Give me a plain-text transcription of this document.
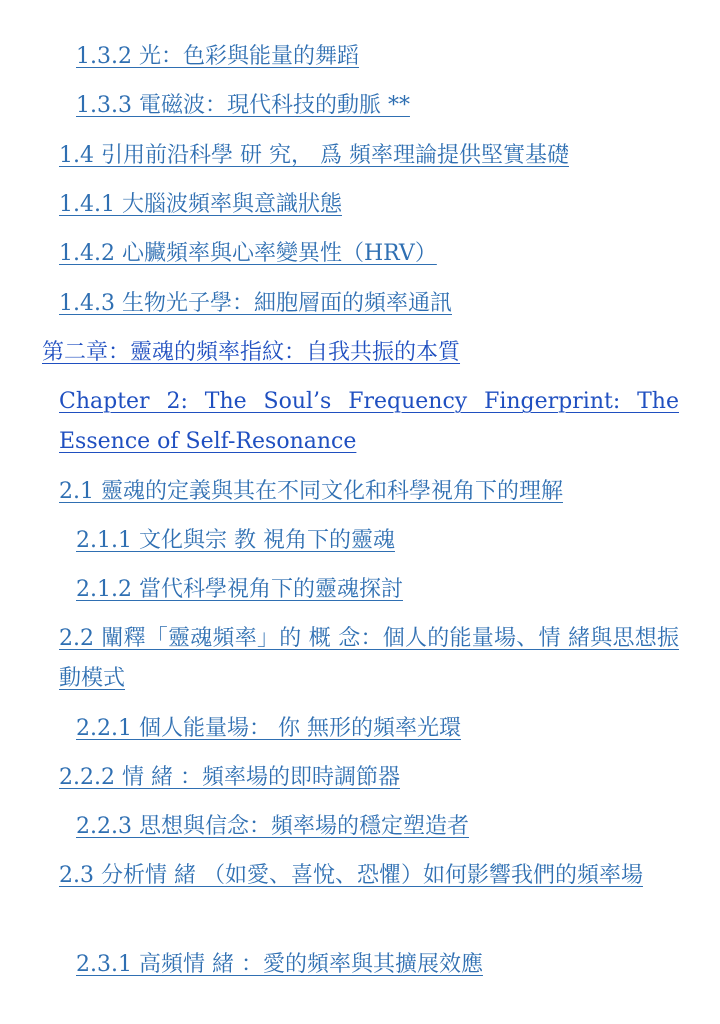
1.3.2 光：色彩與能量的舞蹈

1.3.3 電磁波：現代科技的動脈 **

1.4 引用前沿科學 研 究， 爲 頻率理論提供堅實基礎

1.4.1 大腦波頻率與意識狀態

1.4.2 心臟頻率與心率變異性（HRV）

1.4.3 生物光子學：細胞層面的頻率通訊

第二章：靈魂的頻率指紋：自我共振的本質

Chapter 2: The Soul’s Frequency Fingerprint: The Essence of Self-Resonance

2.1 靈魂的定義與其在不同文化和科學視角下的理解

2.1.1 文化與宗 教 視角下的靈魂

2.1.2 當代科學視角下的靈魂探討

2.2 闡釋「靈魂頻率」的 概 念：個人的能量場、情 緒與思想振動模式

2.2.1 個人能量場： 你 無形的頻率光環

2.2.2 情 緒 ：頻率場的即時調節器

2.2.3 思想與信念：頻率場的穩定塑造者

2.3 分析情 緒 （如愛、喜悅、恐懼）如何影響我們的頻率場

2.3.1 高頻情 緒 ：愛的頻率與其擴展效應
